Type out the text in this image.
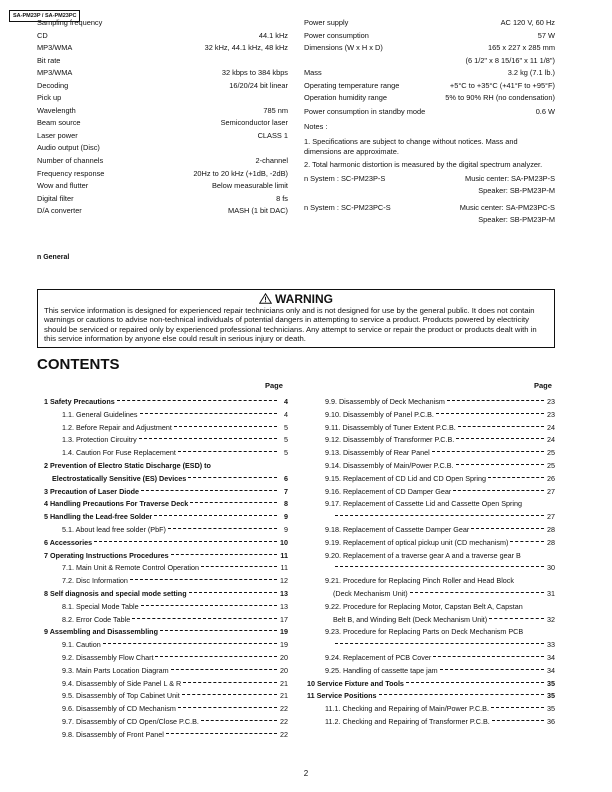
SA-PM23P / SA-PM23PC
Sampling frequency
CD	44.1 kHz
MP3/WMA	32 kHz, 44.1 kHz, 48 kHz
Bit rate
MP3/WMA	32 kbps to 384 kbps
Decoding	16/20/24 bit linear
Pick up
Wavelength	785 nm
Beam source	Semiconductor laser
Laser power	CLASS 1
Audio output (Disc)
Number of channels	2-channel
Frequency response	20Hz to 20 kHz (+1dB, -2dB)
Wow and flutter	Below measurable limit
Digital filter	8 fs
D/A converter	MASH (1 bit DAC)
Power supply	AC 120 V, 60 Hz
Power consumption	57 W
Dimensions (W x H x D)	165 x 227 x 285 mm
(6 1/2" x 8 15/16" x 11 1/8")
Mass	3.2 kg (7.1 lb.)
Operating temperature range	+5°C to +35°C (+41°F to +95°F)
Operation humidity range	5% to 90% RH (no condensation)
Power consumption in standby mode	0.6 W
Notes :
1. Specifications are subject to change without notices. Mass and dimensions are approximate.
2. Total harmonic distortion is measured by the digital spectrum analyzer.
n System : SC-PM23P-S	Music center: SA-PM23P-S
Speaker: SB-PM23P-M
n System : SC-PM23PC-S	Music center: SA-PM23PC-S
Speaker: SB-PM23P-M
n General
WARNING
This service information is designed for experienced repair technicians only and is not designed for use by the general public. It does not contain warnings or cautions to advise non-technical individuals of potential dangers in attempting to service a product. Products powered by electricity should be serviced or repaired only by experienced professional technicians. Any attempt to service or repair the product or products dealt with in this service information by anyone else could result in serious injury or death.
CONTENTS
Page	Page
1 Safety Precautions	4
1.1. General Guidelines	4
1.2. Before Repair and Adjustment	5
1.3. Protection Circuitry	5
1.4. Caution For Fuse Replacement	5
2 Prevention of Electro Static Discharge (ESD) to
Electrostatically Sensitive (ES) Devices	6
3 Precaution of Laser Diode	7
4 Handling Precautions For Traverse Deck	8
5 Handling the Lead-free Solder	9
5.1. About lead free solder (PbF)	9
6 Accessories	10
7 Operating Instructions Procedures	11
7.1. Main Unit & Remote Control Operation	11
7.2. Disc Information	12
8 Self diagnosis and special mode setting	13
8.1. Special Mode Table	13
8.2. Error Code Table	17
9 Assembling and Disassembling	19
9.1. Caution	19
9.2. Disassembly Flow Chart	20
9.3. Main Parts Location Diagram	20
9.4. Disassembly of Side Panel L & R	21
9.5. Disassembly of Top Cabinet Unit	21
9.6. Disassembly of CD Mechanism	22
9.7. Disassembly of CD Open/Close P.C.B.	22
9.8. Disassembly of Front Panel	22
9.9. Disassembly of Deck Mechanism	23
9.10. Disassembly of Panel P.C.B.	23
9.11. Disassembly of Tuner Extent P.C.B.	24
9.12. Disassembly of Transformer P.C.B.	24
9.13. Disassembly of Rear Panel	25
9.14. Disassembly of Main/Power P.C.B.	25
9.15. Replacement of CD Lid and CD Open Spring	26
9.16. Replacement of CD Damper Gear	27
9.17. Replacement of Cassette Lid and Cassette Open Spring
27
9.18. Replacement of Cassette Damper Gear	28
9.19. Replacement of optical pickup unit (CD mechanism)	28
9.20. Replacement of a traverse gear A and a traverse gear B
30
9.21. Procedure for Replacing Pinch Roller and Head Block
(Deck Mechanism Unit)	31
9.22. Procedure for Replacing Motor, Capstan Belt A, Capstan
Belt B, and Winding Belt (Deck Mechanism Unit)	32
9.23. Procedure for Replacing Parts on Deck Mechanism PCB
33
9.24. Replacement of PCB Cover	34
9.25. Handling of cassette tape jam	34
10 Service Fixture and Tools	35
11 Service Positions	35
11.1. Checking and Repairing of Main/Power P.C.B.	35
11.2. Checking and Repairing of Transformer P.C.B.	36
2
